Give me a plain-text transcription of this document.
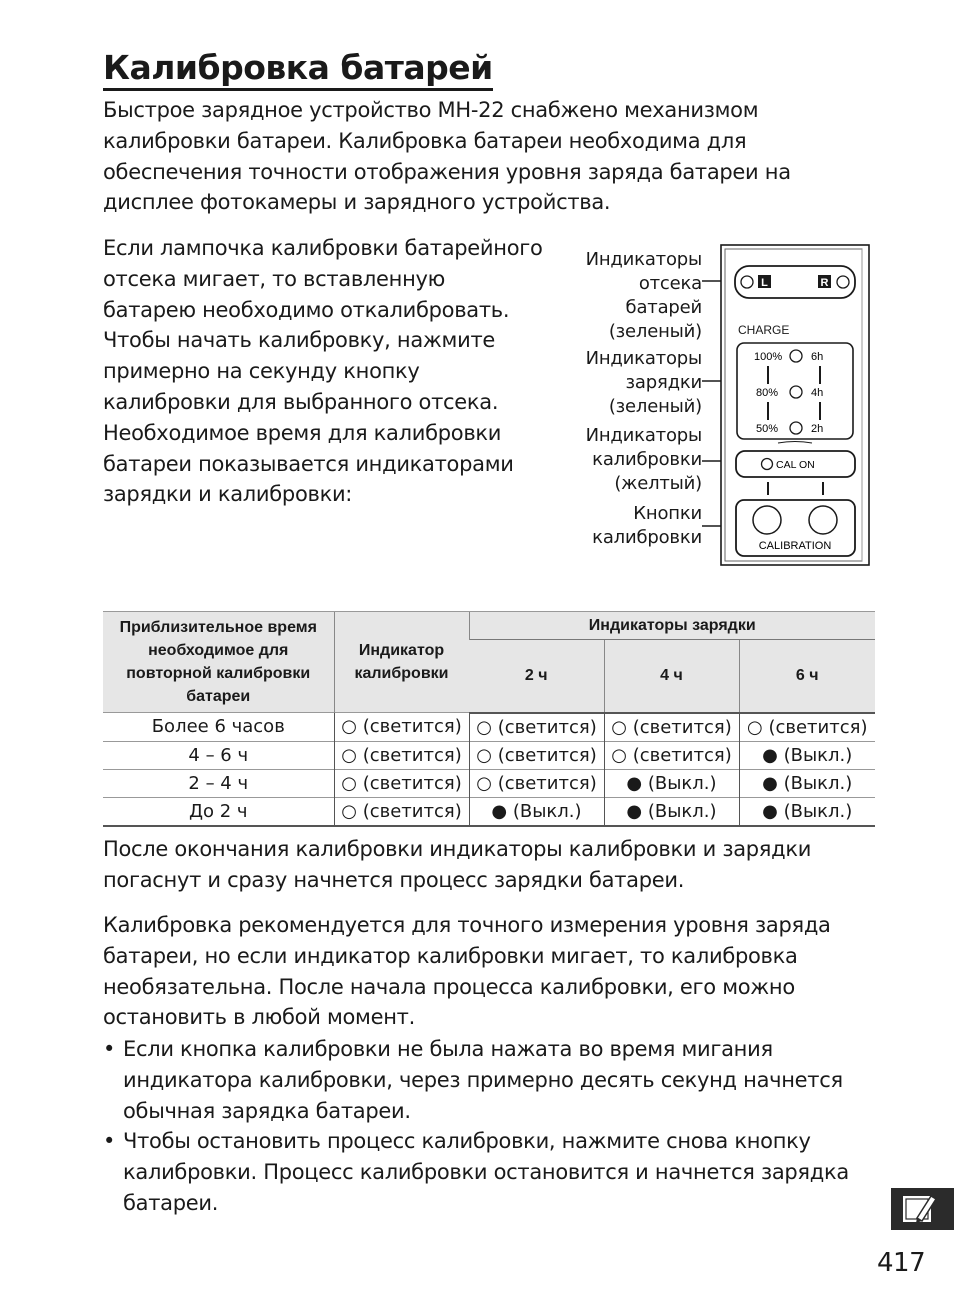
Калибровка батарей

Быстрое зарядное устройство MH-22 снабжено механизмом калибровки батареи. Калибровка батареи необходима для обеспечения точности отображения уровня заряда батареи на дисплее фотокамеры и зарядного устройства.

Если лампочка калибровки батарейного отсека мигает, то вставленную батарею необходимо откалибровать. Чтобы начать калибровку, нажмите примерно на секунду кнопку калибровки для выбранного отсека. Необходимое время для калибровки батареи показывается индикаторами зарядки и калибровки:

Индикаторы
отсека батарей
(зеленый)
Индикаторы
зарядки
(зеленый)
Индикаторы
калибровки
(желтый)
Кнопки
калибровки
L	R
CHARGE
100%	6h
80%	4h
50%	2h
CAL ON
CALIBRATION
Приблизительное время необходимое для повторной калибровки батареи	Индикатор калибровки	Индикаторы зарядки		
		2 ч	4 ч	6 ч
Более 6 часов	○ (светится)	○ (светится)	○ (светится)	○ (светится)
4 – 6 ч	○ (светится)	○ (светится)	○ (светится)	● (Выкл.)
2 – 4 ч	○ (светится)	○ (светится)	● (Выкл.)	● (Выкл.)
До 2 ч	○ (светится)	● (Выкл.)	● (Выкл.)	● (Выкл.)

После окончания калибровки индикаторы калибровки и зарядки погаснут и сразу начнется процесс зарядки батареи.

Калибровка рекомендуется для точного измерения уровня заряда батареи, но если индикатор калибровки мигает, то калибровка необязательна. После начала процесса калибровки, его можно остановить в любой момент.

• Если кнопка калибровки не была нажата во время мигания индикатора калибровки, через примерно десять секунд начнется обычная зарядка батареи.
• Чтобы остановить процесс калибровки, нажмите снова кнопку калибровки. Процесс калибровки остановится и начнется зарядка батареи.
417
